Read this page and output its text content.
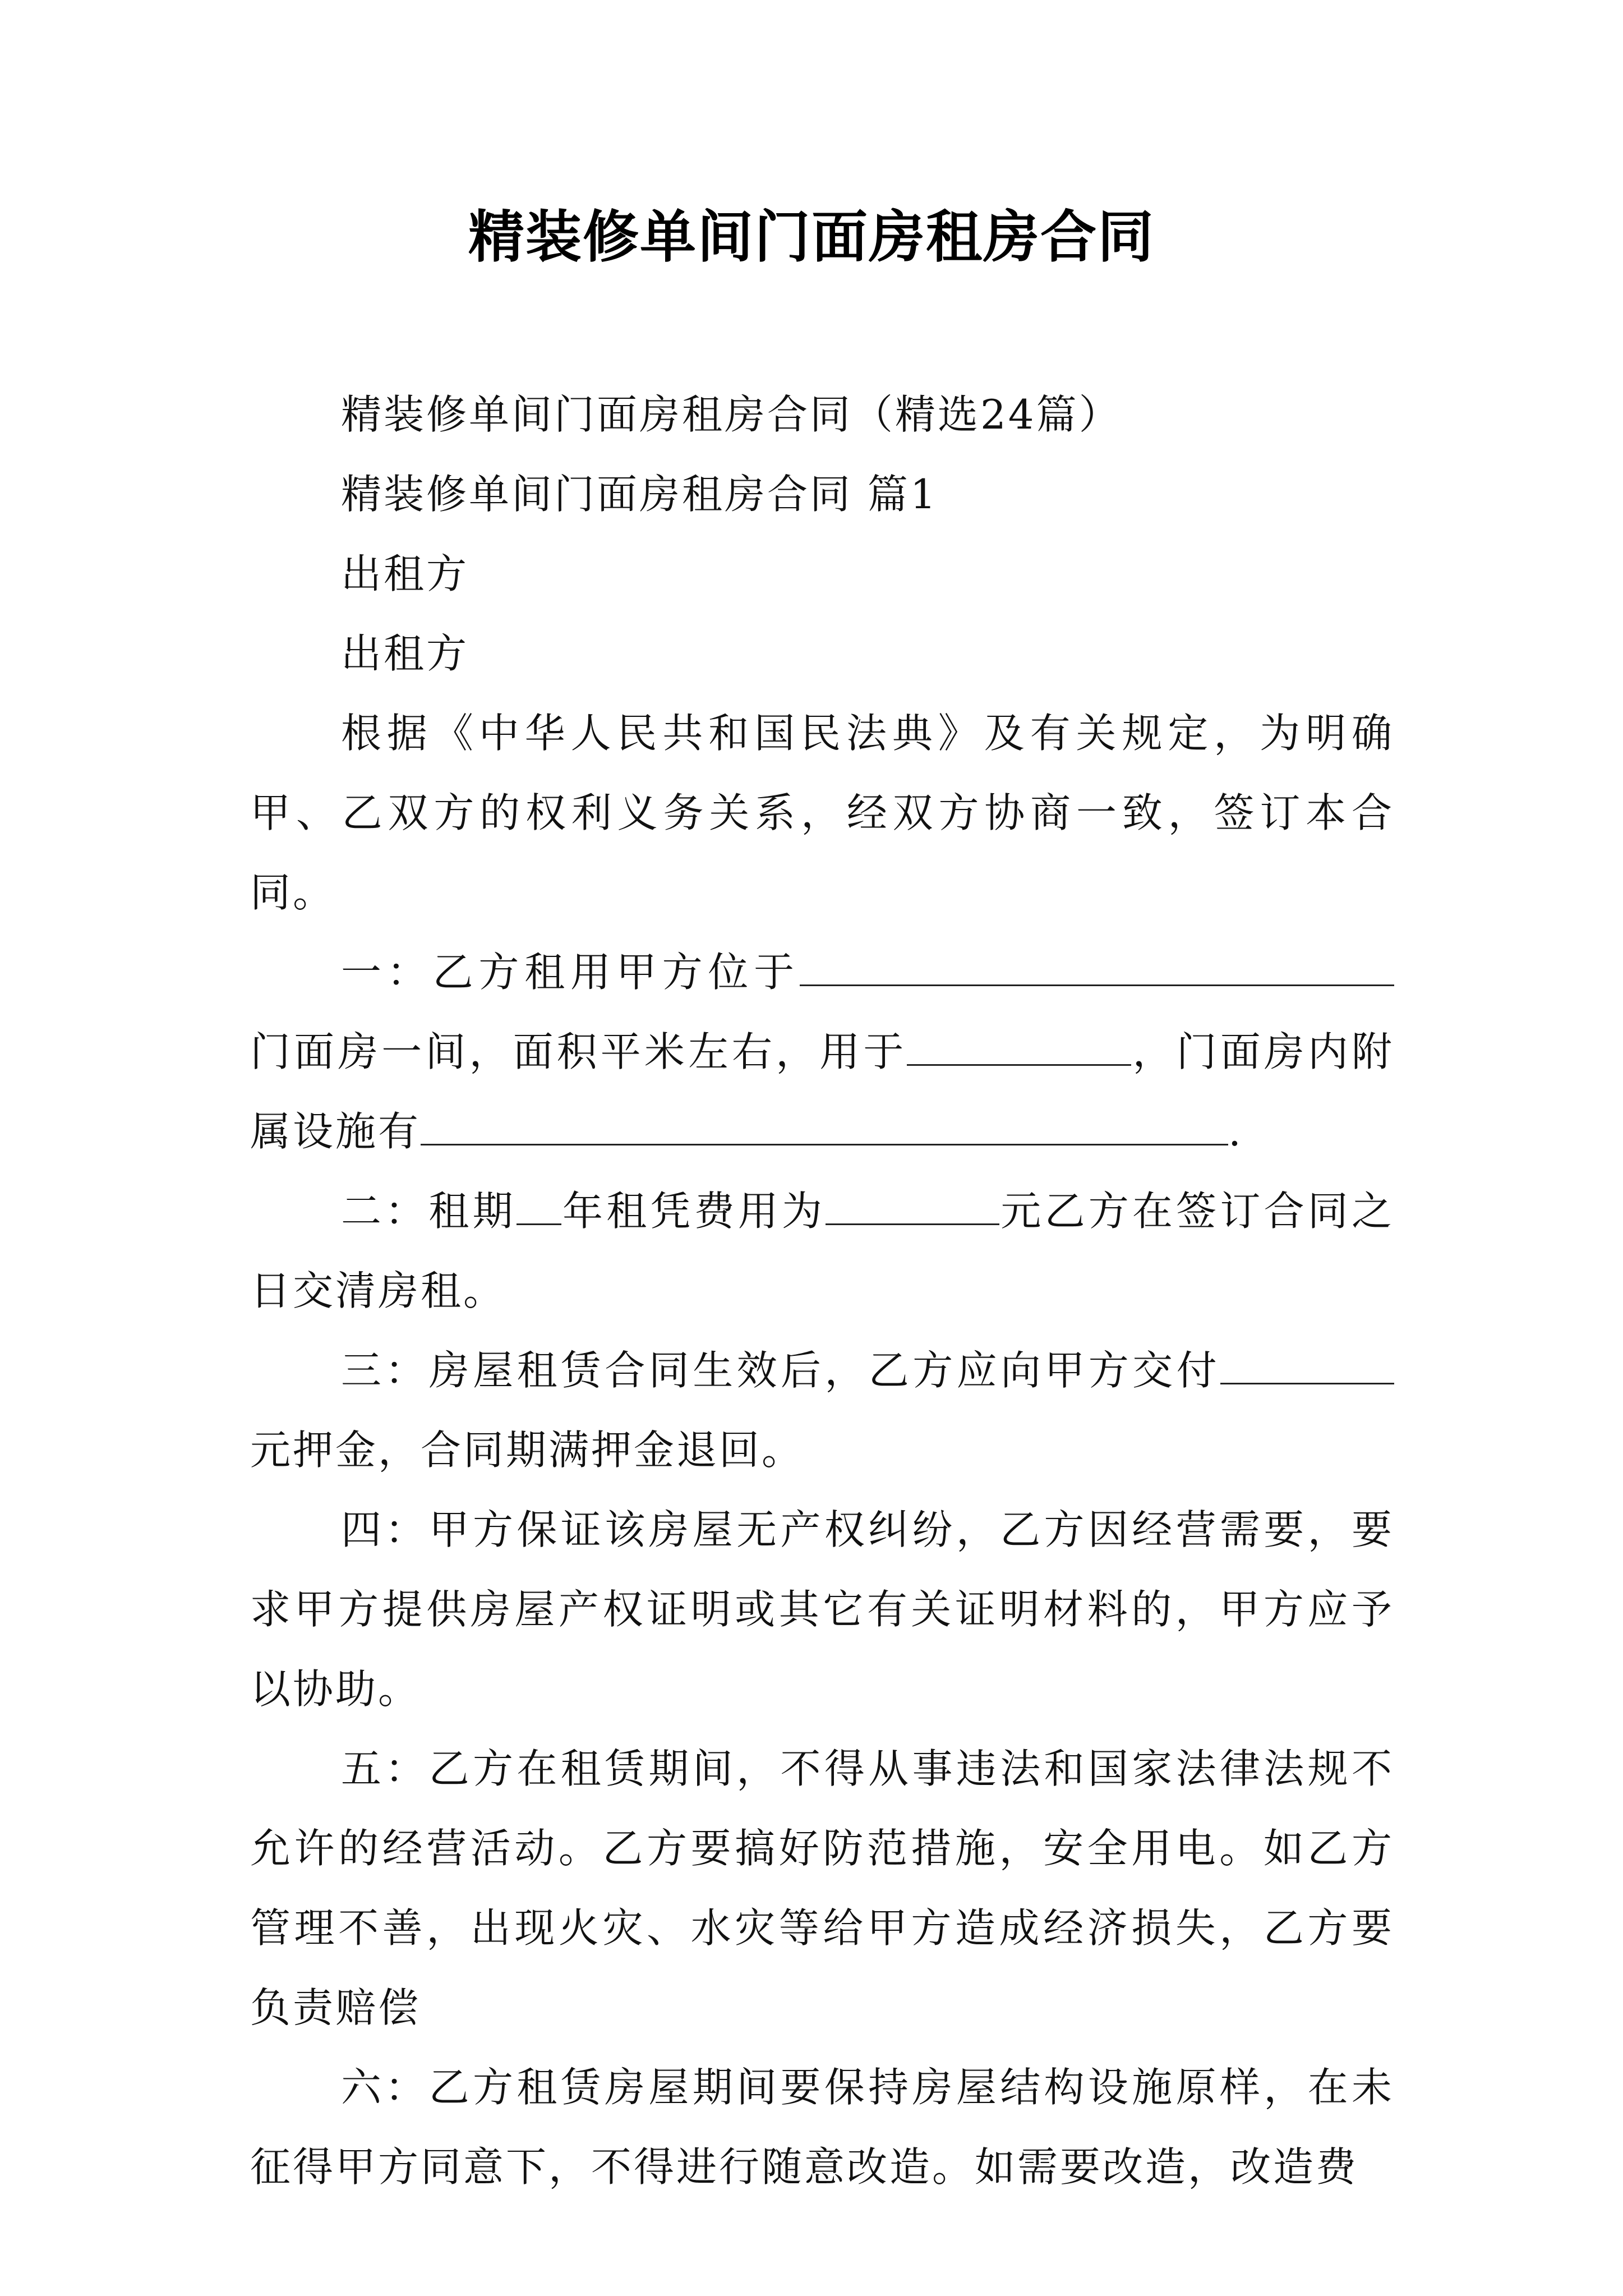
精装修单间门面房租房合同

精装修单间门面房租房合同（精选24篇）

精装修单间门面房租房合同 篇1

出租方

出租方

根据《中华人民共和国民法典》及有关规定，为明确甲、乙双方的权利义务关系，经双方协商一致，签订本合同。

一：乙方租用甲方位于门面房一间，面积平米左右，用于	，门面房内附属设施有	.

二：租期 年租凭费用为	元乙方在签订合同之日交清房租。

三：房屋租赁合同生效后，乙方应向甲方交付元押金，合同期满押金退回。

四：甲方保证该房屋无产权纠纷，乙方因经营需要，要求甲方提供房屋产权证明或其它有关证明材料的，甲方应予以协助。

五：乙方在租赁期间，不得从事违法和国家法律法规不允许的经营活动。乙方要搞好防范措施，安全用电。如乙方管理不善，出现火灾、水灾等给甲方造成经济损失，乙方要负责赔偿

六：乙方租赁房屋期间要保持房屋结构设施原样，在未征得甲方同意下，不得进行随意改造。如需要改造，改造费
